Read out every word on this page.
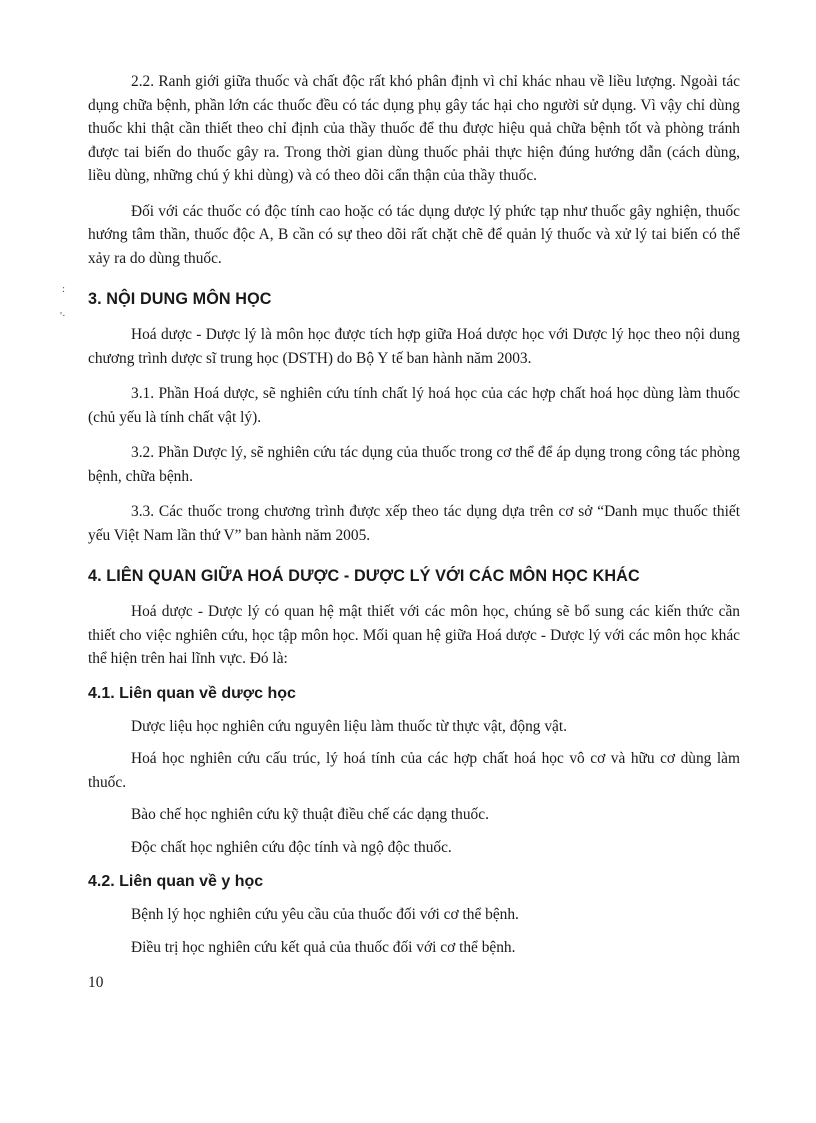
:
'·

2.2. Ranh giới giữa thuốc và chất độc rất khó phân định vì chỉ khác nhau về liều lượng. Ngoài tác dụng chữa bệnh, phần lớn các thuốc đều có tác dụng phụ gây tác hại cho người sử dụng. Vì vậy chỉ dùng thuốc khi thật cần thiết theo chỉ định của thầy thuốc để thu được hiệu quả chữa bệnh tốt và phòng tránh được tai biến do thuốc gây ra. Trong thời gian dùng thuốc phải thực hiện đúng hướng dẫn (cách dùng, liều dùng, những chú ý khi dùng) và có theo dõi cẩn thận của thầy thuốc.

Đối với các thuốc có độc tính cao hoặc có tác dụng dược lý phức tạp như thuốc gây nghiện, thuốc hướng tâm thần, thuốc độc A, B cần có sự theo dõi rất chặt chẽ để quản lý thuốc và xử lý tai biến có thể xảy ra do dùng thuốc.

3. NỘI DUNG MÔN HỌC

Hoá dược - Dược lý là môn học được tích hợp giữa Hoá dược học với Dược lý học theo nội dung chương trình dược sĩ trung học (DSTH) do Bộ Y tế ban hành năm 2003.

3.1. Phần Hoá dược, sẽ nghiên cứu tính chất lý hoá học của các hợp chất hoá học dùng làm thuốc (chủ yếu là tính chất vật lý).

3.2. Phần Dược lý, sẽ nghiên cứu tác dụng của thuốc trong cơ thể để áp dụng trong công tác phòng bệnh, chữa bệnh.

3.3. Các thuốc trong chương trình được xếp theo tác dụng dựa trên cơ sở “Danh mục thuốc thiết yếu Việt Nam lần thứ V” ban hành năm 2005.

4. LIÊN QUAN GIỮA HOÁ DƯỢC - DƯỢC LÝ VỚI CÁC MÔN HỌC KHÁC

Hoá dược - Dược lý có quan hệ mật thiết với các môn học, chúng sẽ bổ sung các kiến thức cần thiết cho việc nghiên cứu, học tập môn học. Mối quan hệ giữa Hoá dược - Dược lý với các môn học khác thể hiện trên hai lĩnh vực. Đó là:

4.1. Liên quan về dược học

Dược liệu học nghiên cứu nguyên liệu làm thuốc từ thực vật, động vật.

Hoá học nghiên cứu cấu trúc, lý hoá tính của các hợp chất hoá học vô cơ và hữu cơ dùng làm thuốc.

Bào chế học nghiên cứu kỹ thuật điều chế các dạng thuốc.

Độc chất học nghiên cứu độc tính và ngộ độc thuốc.

4.2. Liên quan về y học

Bệnh lý học nghiên cứu yêu cầu của thuốc đối với cơ thể bệnh.

Điều trị học nghiên cứu kết quả của thuốc đối với cơ thể bệnh.

10
